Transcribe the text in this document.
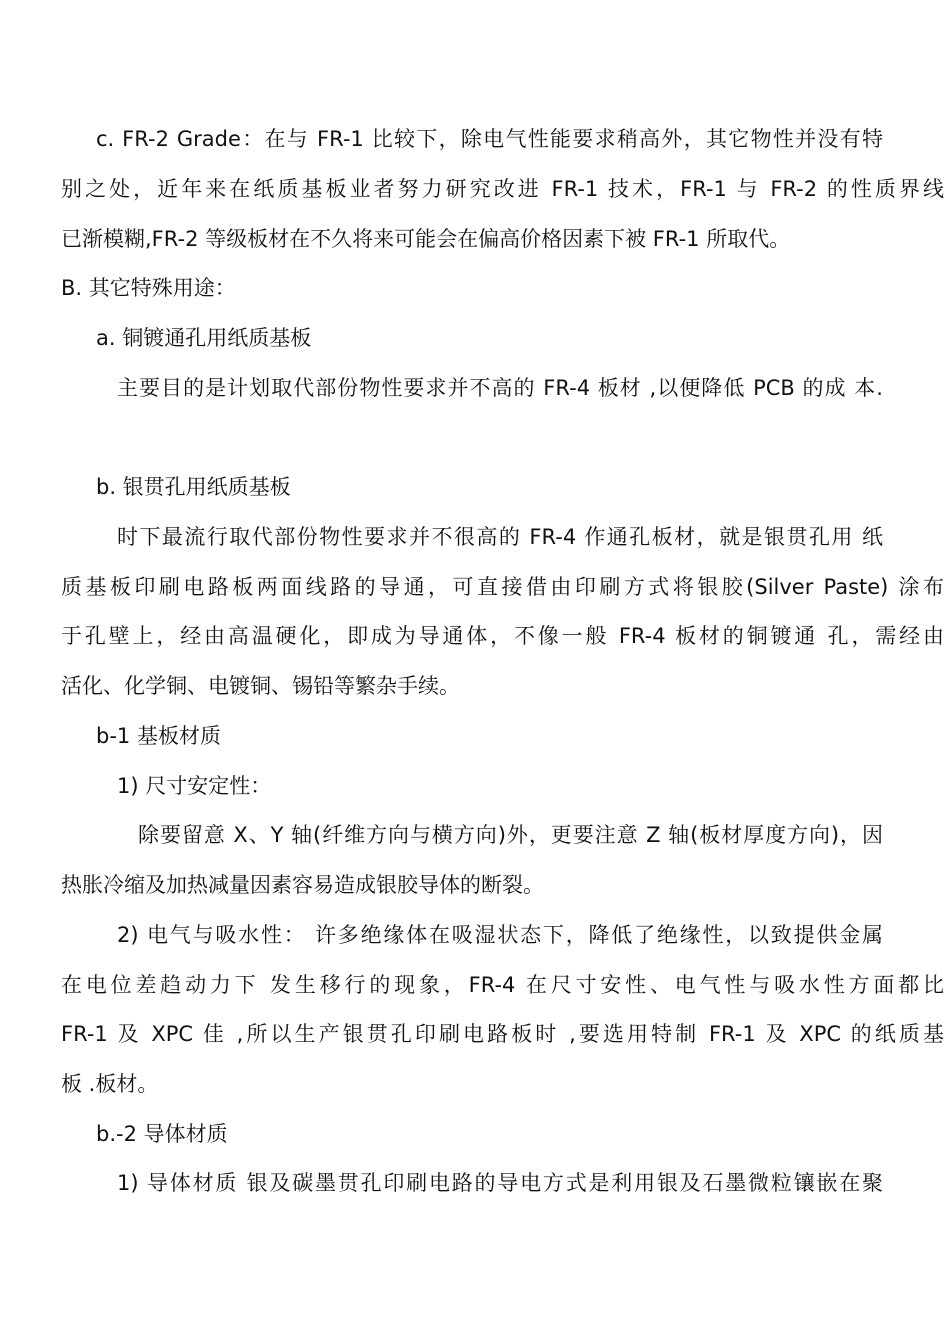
c. FR-2 Grade：在与 FR-1 比较下，除电气性能要求稍高外，其它物性并没有特
别之处，近年来在纸质基板业者努力研究改进 FR-1 技术，FR-1 与 FR-2 的性质界线
已渐模糊,FR-2 等级板材在不久将来可能会在偏高价格因素下被 FR-1 所取代。
B. 其它特殊用途：
a. 铜镀通孔用纸质基板
主要目的是计划取代部份物性要求并不高的 FR-4 板材 ,以便降低 PCB 的成 本.
b. 银贯孔用纸质基板
时下最流行取代部份物性要求并不很高的 FR-4 作通孔板材，就是银贯孔用 纸
质基板印刷电路板两面线路的导通，可直接借由印刷方式将银胶(Silver Paste) 涂布
于孔壁上，经由高温硬化，即成为导通体，不像一般 FR-4 板材的铜镀通 孔，需经由
活化、化学铜、电镀铜、锡铅等繁杂手续。
b-1 基板材质
1) 尺寸安定性：
除要留意 X、Y 轴(纤维方向与横方向)外，更要注意 Z 轴(板材厚度方向)，因
热胀冷缩及加热减量因素容易造成银胶导体的断裂。
2) 电气与吸水性： 许多绝缘体在吸湿状态下，降低了绝缘性，以致提供金属
在电位差趋动力下 发生移行的现象，FR-4 在尺寸安性、电气性与吸水性方面都比
FR-1 及 XPC 佳 ,所以生产银贯孔印刷电路板时 ,要选用特制 FR-1 及 XPC 的纸质基
板 .板材。
b.-2 导体材质
1) 导体材质 银及碳墨贯孔印刷电路的导电方式是利用银及石墨微粒镶嵌在聚
